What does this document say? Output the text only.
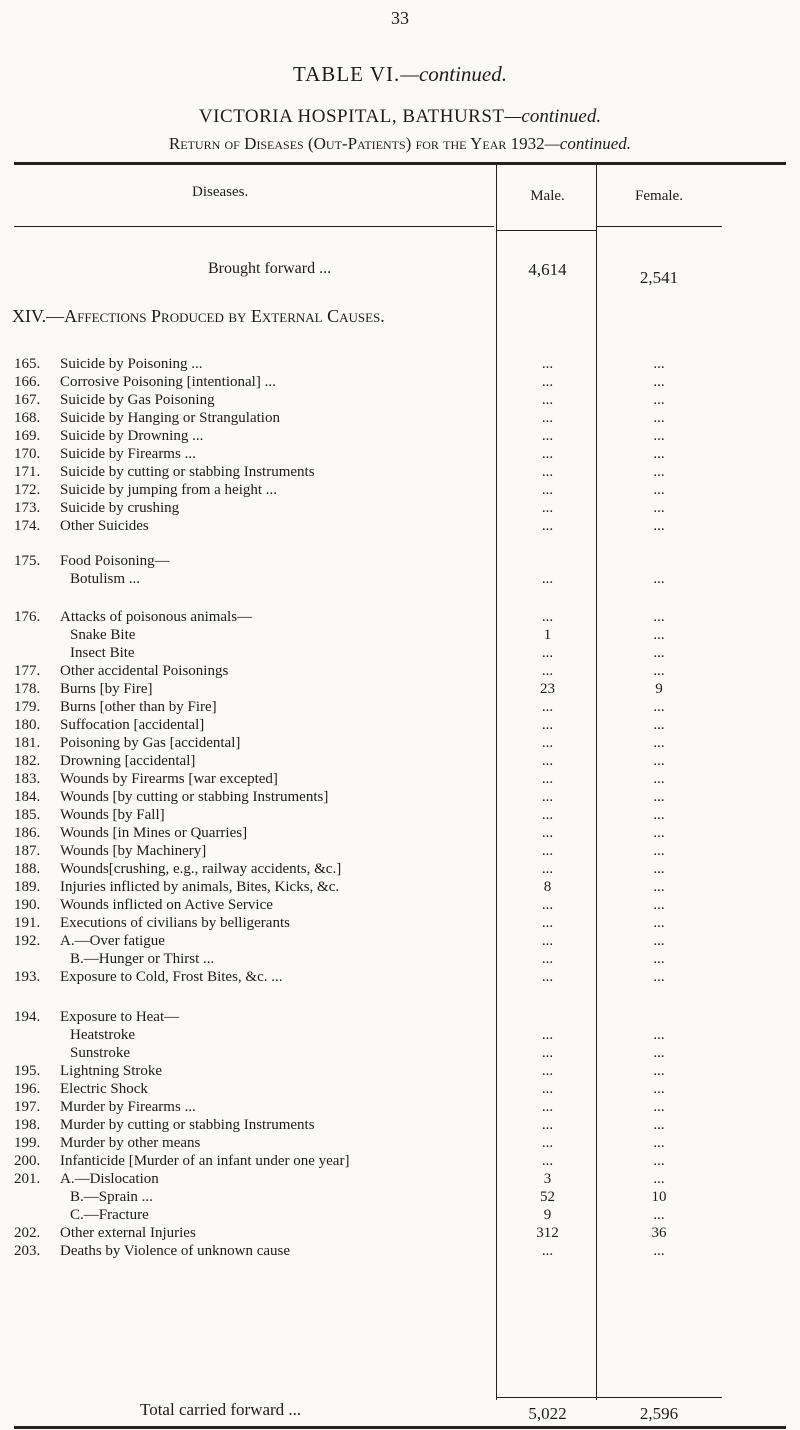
33
TABLE VI.—continued.
VICTORIA HOSPITAL, BATHURST—continued.
Return of Diseases (Out-Patients) for the Year 1932—continued.
Diseases.	Male.	Female.
Brought forward ...	4,614	2,541
XIV.—Affections Produced by External Causes.
165.	Suicide by Poisoning ...	...	...
166.	Corrosive Poisoning [intentional] ...	...	...
167.	Suicide by Gas Poisoning	...	...
168.	Suicide by Hanging or Strangulation	...	...
169.	Suicide by Drowning ...	...	...
170.	Suicide by Firearms ...	...	...
171.	Suicide by cutting or stabbing Instruments	...	...
172.	Suicide by jumping from a height ...	...	...
173.	Suicide by crushing	...	...
174.	Other Suicides	...	...
175.	Food Poisoning—
Botulism ...	...	...
176.	Attacks of poisonous animals—	...	...
Snake Bite	1	...
Insect Bite	...	...
177.	Other accidental Poisonings	...	...
178.	Burns [by Fire]	23	9
179.	Burns [other than by Fire]	...	...
180.	Suffocation [accidental]	...	...
181.	Poisoning by Gas [accidental]	...	...
182.	Drowning [accidental]	...	...
183.	Wounds by Firearms [war excepted]	...	...
184.	Wounds [by cutting or stabbing Instruments]	...	...
185.	Wounds [by Fall]	...	...
186.	Wounds [in Mines or Quarries]	...	...
187.	Wounds [by Machinery]	...	...
188.	Wounds[crushing, e.g., railway accidents, &c.]	...	...
189.	Injuries inflicted by animals, Bites, Kicks, &c.	8	...
190.	Wounds inflicted on Active Service	...	...
191.	Executions of civilians by belligerants	...	...
192.	A.—Over fatigue	...	...
B.—Hunger or Thirst ...	...	...
193.	Exposure to Cold, Frost Bites, &c. ...	...	...
194.	Exposure to Heat—
Heatstroke	...	...
Sunstroke	...	...
195.	Lightning Stroke	...	...
196.	Electric Shock	...	...
197.	Murder by Firearms ...	...	...
198.	Murder by cutting or stabbing Instruments	...	...
199.	Murder by other means	...	...
200.	Infanticide [Murder of an infant under one year]	...	...
201.	A.—Dislocation	3	...
B.—Sprain ...	52	10
C.—Fracture	9	...
202.	Other external Injuries	312	36
203.	Deaths by Violence of unknown cause	...	...
Total carried forward ...	5,022	2,596
